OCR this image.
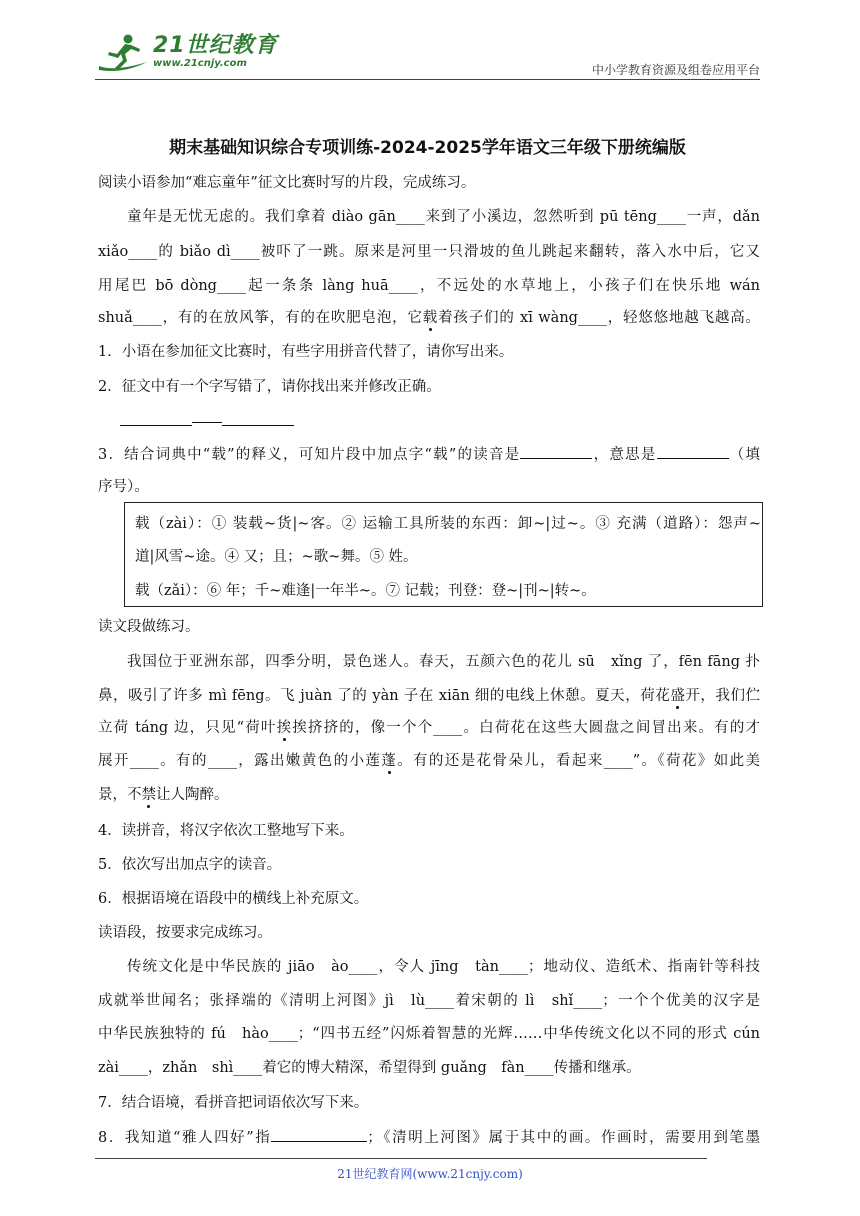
21世纪教育
www.21cnjy.com	中小学教育资源及组卷应用平台
期末基础知识综合专项训练-2024-2025学年语文三年级下册统编版
阅读小语参加“难忘童年”征文比赛时写的片段，完成练习。
童年是无忧无虑的。我们拿着 diào gān____来到了小溪边，忽然听到 pū tēng____一声，dǎn
xiǎo____的 biǎo dì____被吓了一跳。原来是河里一只滑坡的鱼儿跳起来翻转，落入水中后，它又
用尾巴 bō dòng____起一条条 làng huā____，不远处的水草地上，小孩子们在快乐地 wán
shuǎ____，有的在放风筝，有的在吹肥皂泡，它载着孩子们的 xī wàng____，轻悠悠地越飞越高。
1．小语在参加征文比赛时，有些字用拼音代替了，请你写出来。
2．征文中有一个字写错了，请你找出来并修改正确。
3．结合词典中“载”的释义，可知片段中加点字“载”的读音是	，意思是	（填
序号）。
载（zài）：① 装载~货|~客。② 运输工具所装的东西：卸~|过~。③ 充满（道路）：怨声~
道|风雪~途。④ 又；且；~歌~舞。⑤ 姓。
载（zǎi）：⑥ 年；千~难逢|一年半~。⑦ 记载；刊登：登~|刊~|转~。
读文段做练习。
我国位于亚洲东部，四季分明，景色迷人。春天，五颜六色的花儿 sū　xǐng 了，fēn fāng 扑
鼻，吸引了许多 mì fēng。飞 juàn 了的 yàn 子在 xiān 细的电线上休憩。夏天，荷花盛开，我们伫
立荷 táng 边，只见“荷叶挨挨挤挤的，像一个个____。白荷花在这些大圆盘之间冒出来。有的才
展开____。有的____，露出嫩黄色的小莲蓬。有的还是花骨朵儿，看起来____”。《荷花》如此美
景，不禁让人陶醉。
4．读拼音，将汉字依次工整地写下来。
5．依次写出加点字的读音。
6．根据语境在语段中的横线上补充原文。
读语段，按要求完成练习。
传统文化是中华民族的 jiāo　ào____，令人 jīng　tàn____；地动仪、造纸术、指南针等科技
成就举世闻名；张择端的《清明上河图》jì　lù____着宋朝的 lì　shǐ____；一个个优美的汉字是
中华民族独特的 fú　hào____；“四书五经”闪烁着智慧的光辉……中华传统文化以不同的形式 cún
zài____，zhǎn　shì____着它的博大精深，希望得到 guǎng　fàn____传播和继承。
7．结合语境，看拼音把词语依次写下来。
8．我知道“雅人四好”指	；《清明上河图》属于其中的画。作画时，需要用到笔墨
21世纪教育网(www.21cnjy.com)
